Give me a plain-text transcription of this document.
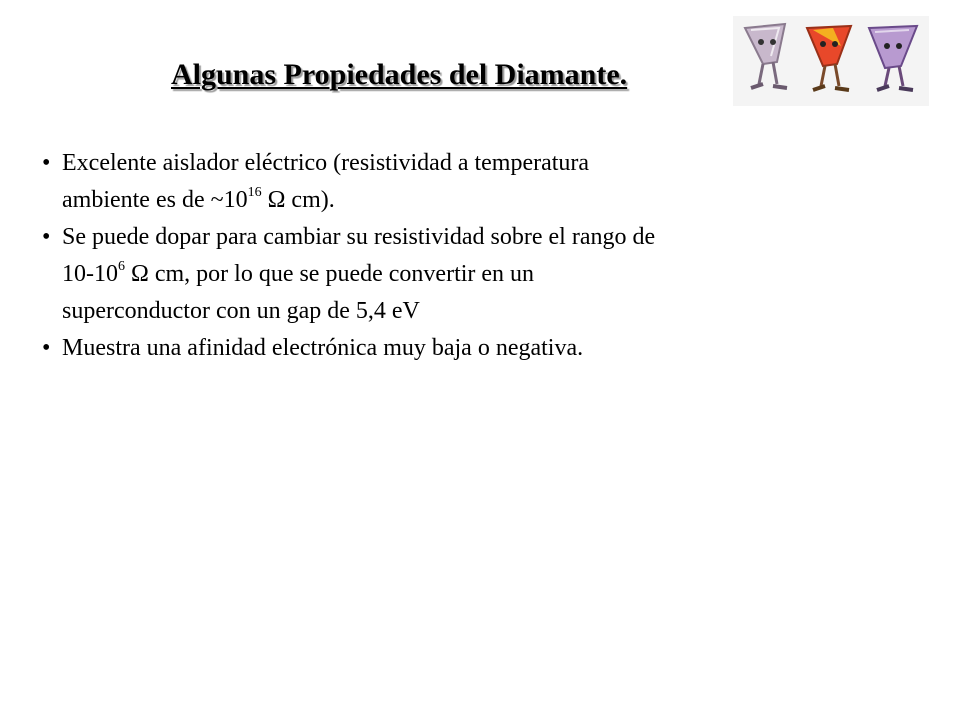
Algunas Propiedades del Diamante.
• Excelente aislador eléctrico (resistividad a temperatura
ambiente es de $\sim 10^{16}$ Ω cm).
• Se puede dopar para cambiar su resistividad sobre el rango de
$10-10^6$ Ω cm, por lo que se puede convertir en un
superconductor con un gap de 5,4 eV
• Muestra una afinidad electrónica muy baja o negativa.
